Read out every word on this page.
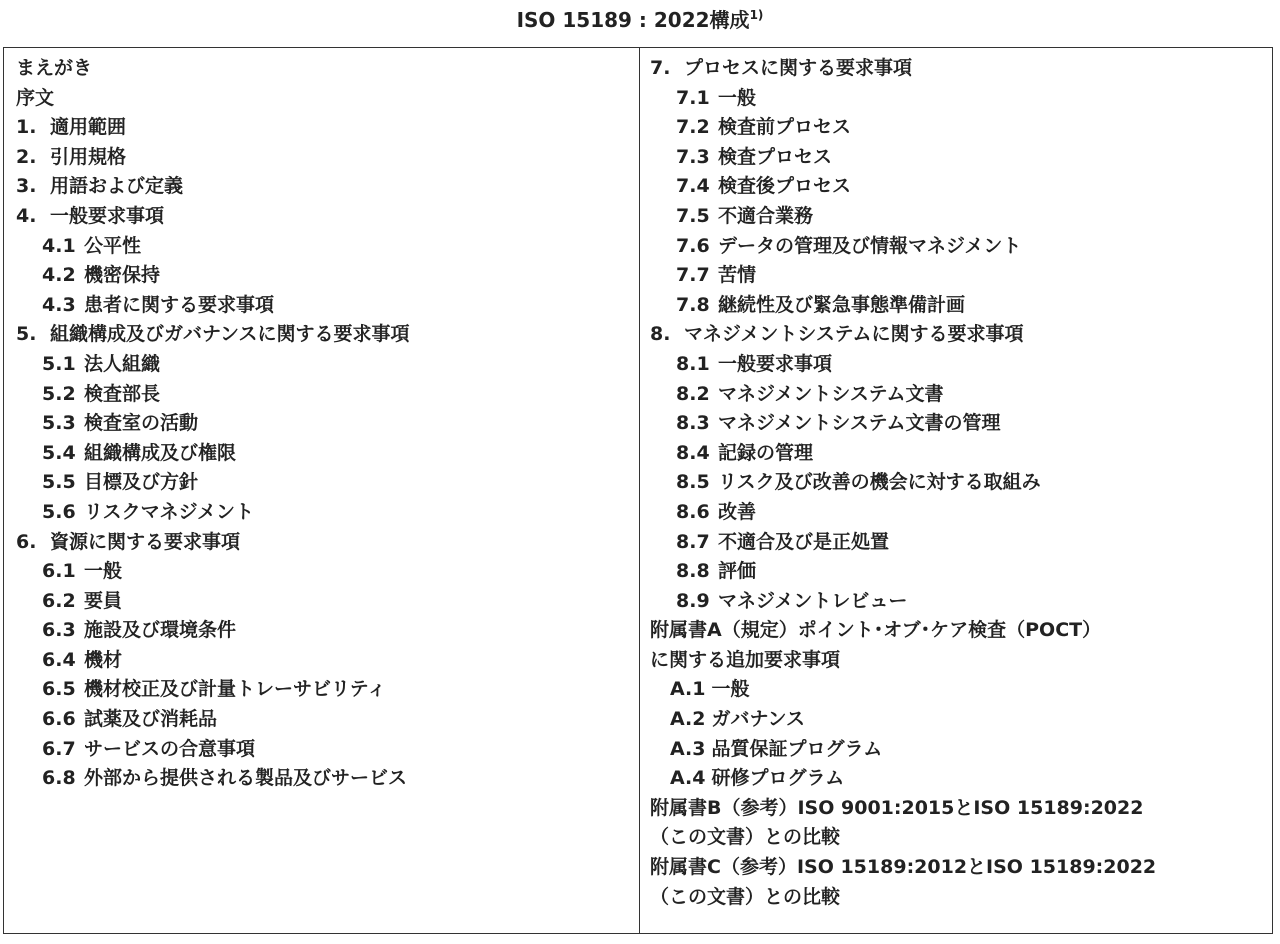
ISO 15189 : 2022構成$^{1)}$
まえがき
序文
1. 適用範囲
2. 引用規格
3. 用語および定義
4. 一般要求事項
4.1 公平性
4.2 機密保持
4.3 患者に関する要求事項
5. 組織構成及びガバナンスに関する要求事項
5.1 法人組織
5.2 検査部長
5.3 検査室の活動
5.4 組織構成及び権限
5.5 目標及び方針
5.6 リスクマネジメント
6. 資源に関する要求事項
6.1 一般
6.2 要員
6.3 施設及び環境条件
6.4 機材
6.5 機材校正及び計量トレーサビリティ
6.6 試薬及び消耗品
6.7 サービスの合意事項
6.8 外部から提供される製品及びサービス
7. プロセスに関する要求事項
7.1 一般
7.2 検査前プロセス
7.3 検査プロセス
7.4 検査後プロセス
7.5 不適合業務
7.6 データの管理及び情報マネジメント
7.7 苦情
7.8 継続性及び緊急事態準備計画
8. マネジメントシステムに関する要求事項
8.1 一般要求事項
8.2 マネジメントシステム文書
8.3 マネジメントシステム文書の管理
8.4 記録の管理
8.5 リスク及び改善の機会に対する取組み
8.6 改善
8.7 不適合及び是正処置
8.8 評価
8.9 マネジメントレビュー
附属書A（規定）ポイント･オブ･ケア検査（POCT）
に関する追加要求事項
A.1 一般
A.2 ガバナンス
A.3 品質保証プログラム
A.4 研修プログラム
附属書B（参考）ISO 9001:2015とISO 15189:2022
（この文書）との比較
附属書C（参考）ISO 15189:2012とISO 15189:2022
（この文書）との比較
